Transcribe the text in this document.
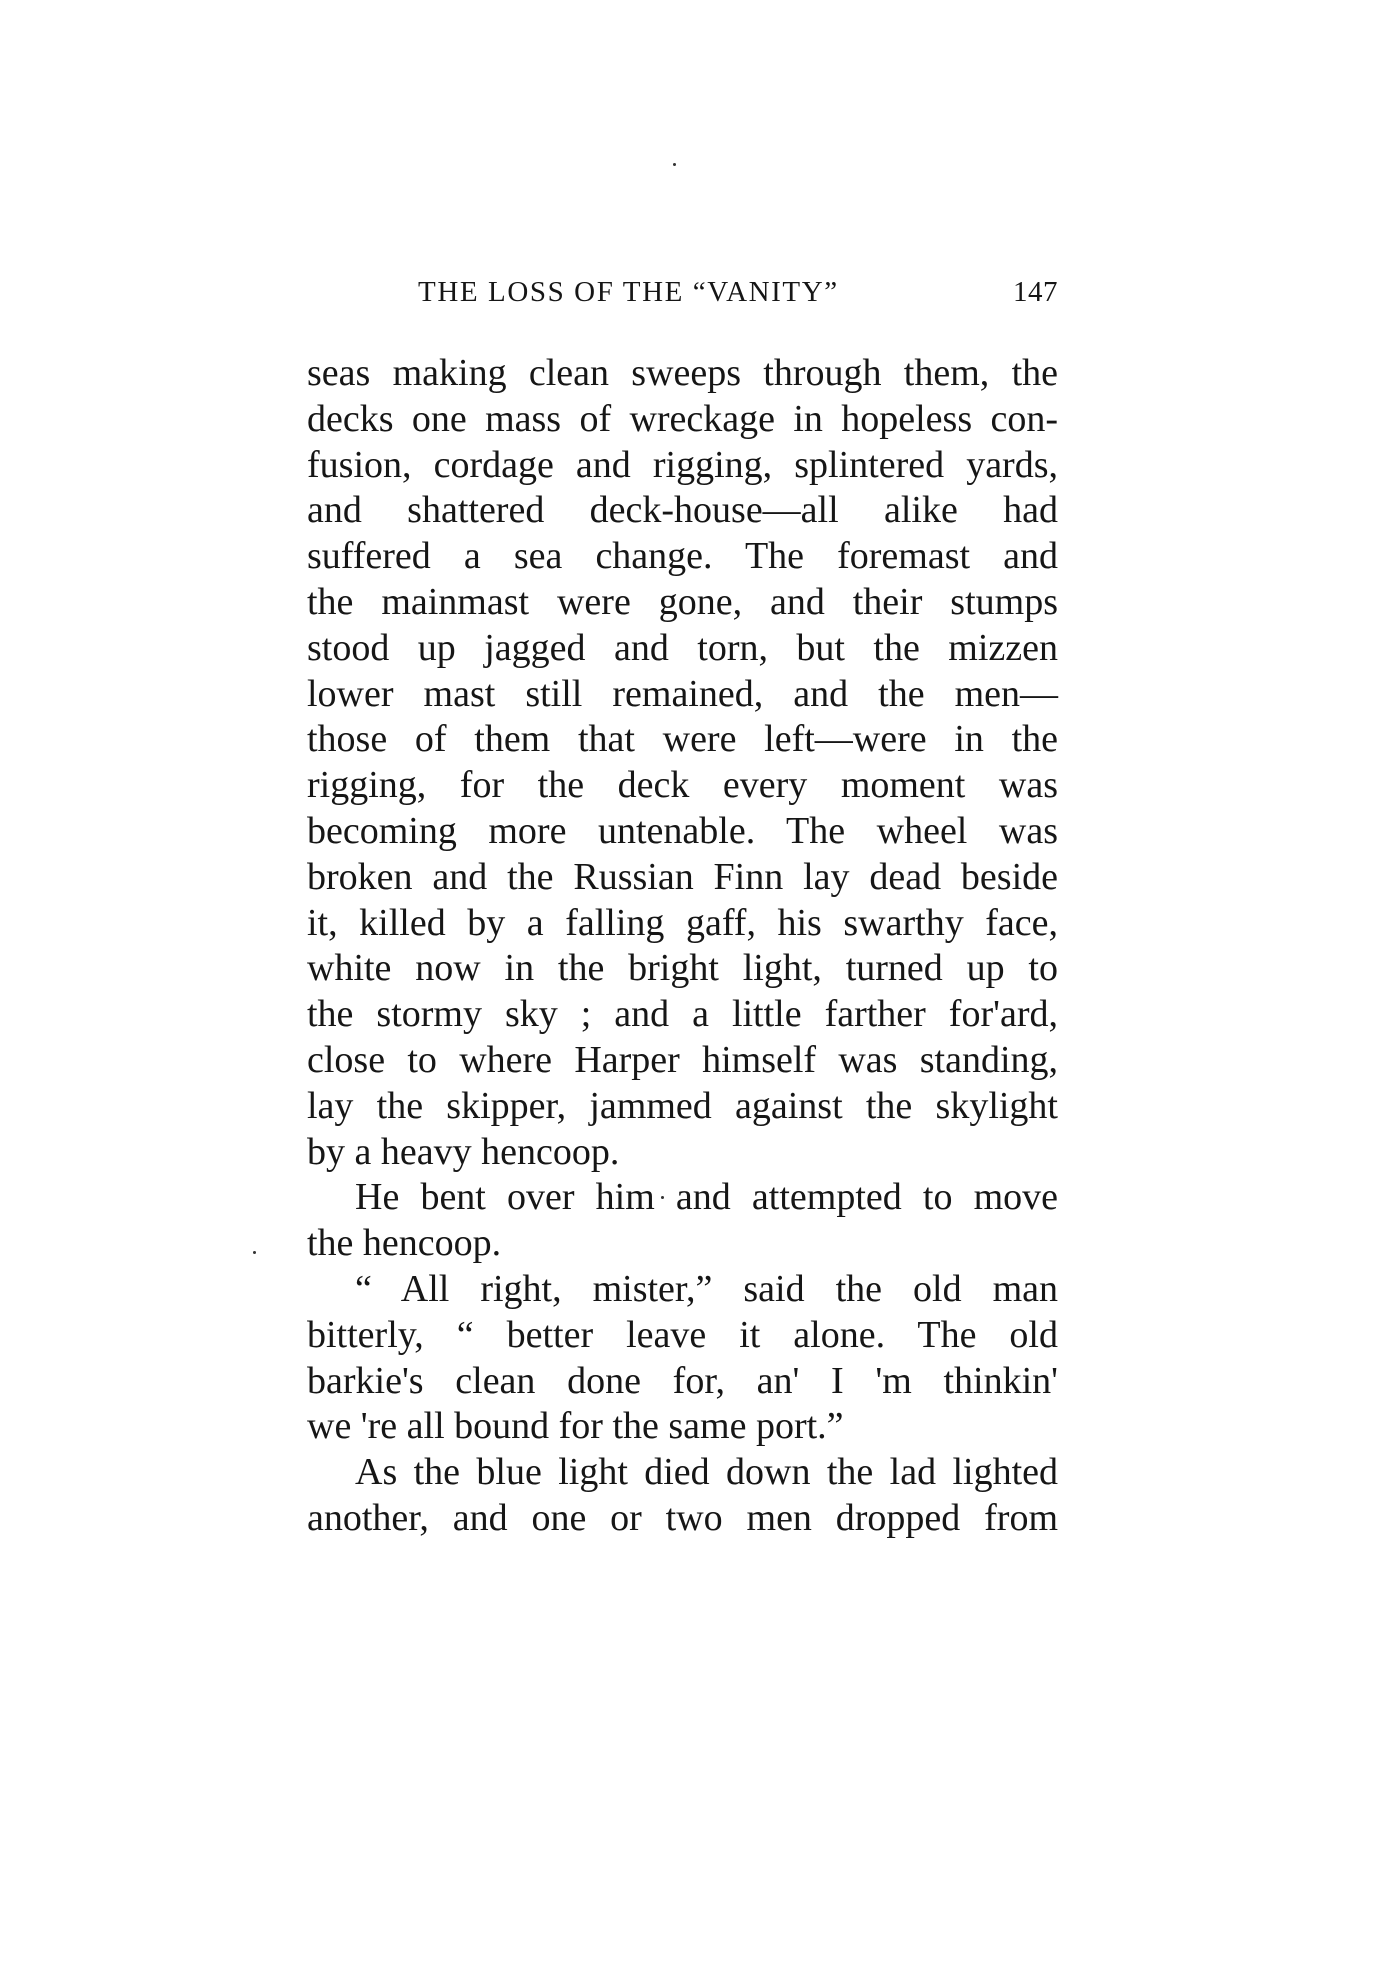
THE LOSS OF THE “VANITY”	147
seas making clean sweeps through them, the
decks one mass of wreckage in hopeless con-
fusion, cordage and rigging, splintered yards,
and shattered deck-house—all alike had
suffered a sea change. The foremast and
the mainmast were gone, and their stumps
stood up jagged and torn, but the mizzen
lower mast still remained, and the men—
those of them that were left—were in the
rigging, for the deck every moment was
becoming more untenable. The wheel was
broken and the Russian Finn lay dead beside
it, killed by a falling gaff, his swarthy face,
white now in the bright light, turned up to
the stormy sky ; and a little farther for'ard,
close to where Harper himself was standing,
lay the skipper, jammed against the skylight
by a heavy hencoop.
He bent over him and attempted to move
the hencoop.
“ All right, mister,” said the old man
bitterly, “ better leave it alone. The old
barkie's clean done for, an' I 'm thinkin'
we 're all bound for the same port.”
As the blue light died down the lad lighted
another, and one or two men dropped from
